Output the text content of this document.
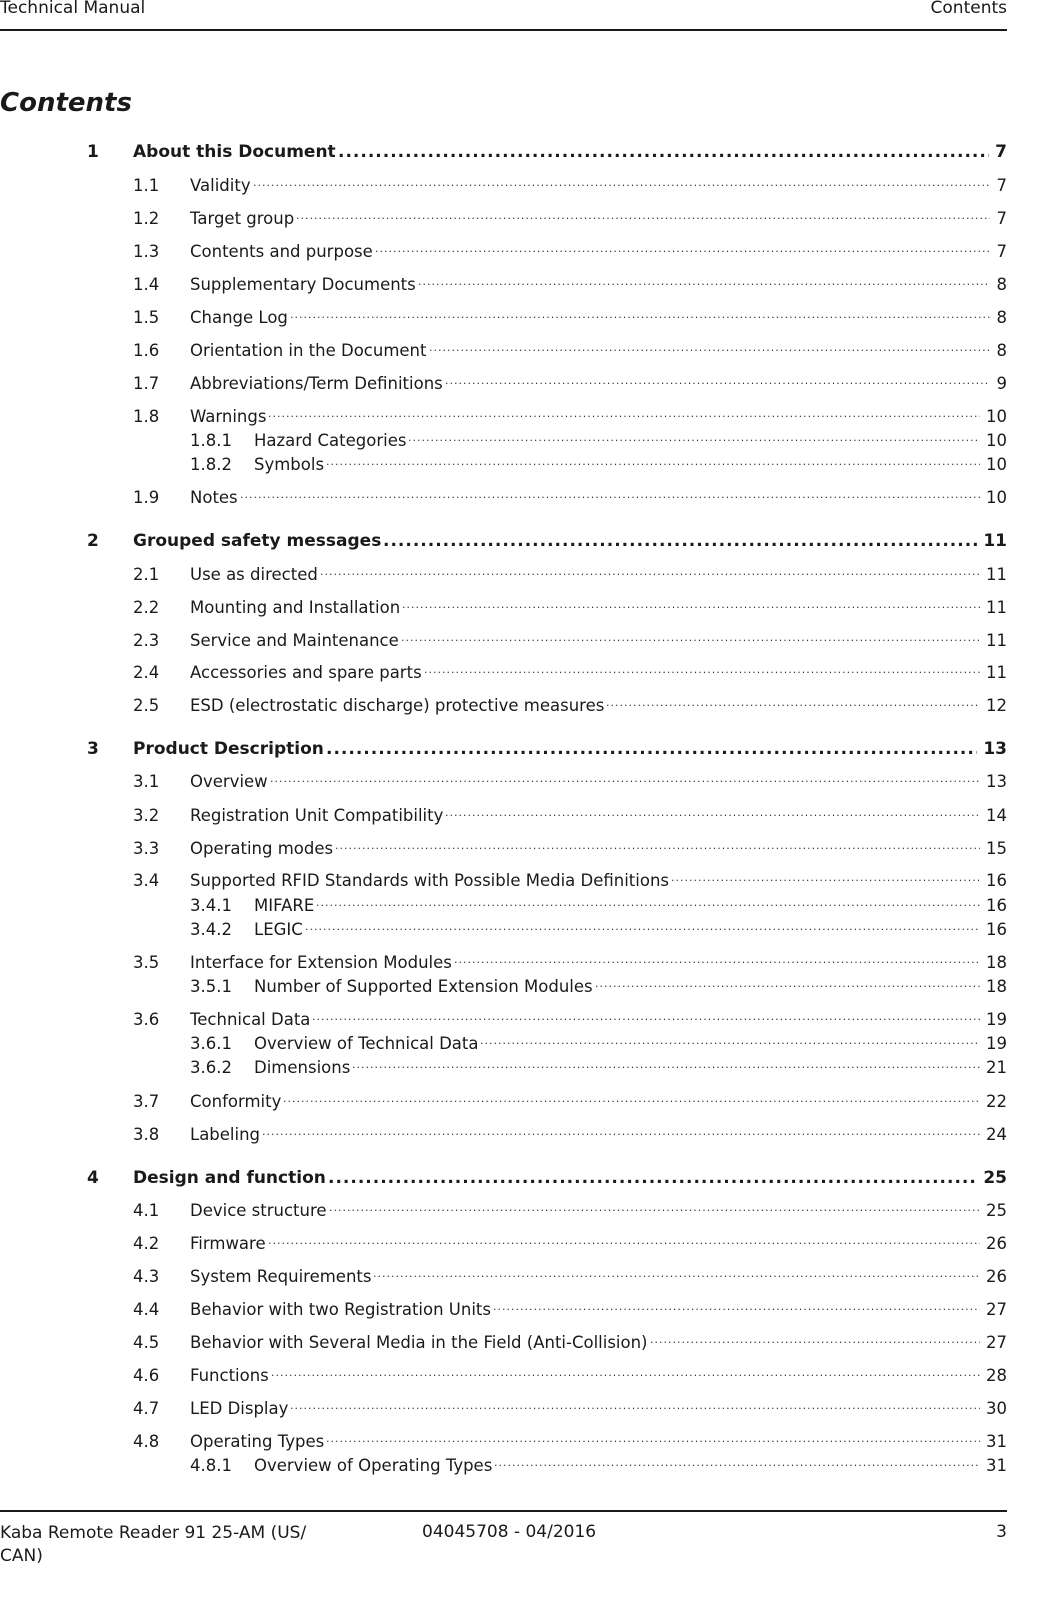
Technical Manual	Contents
Contents
1 About this Document .....	7
1.1 Validity .....	7
1.2 Target group .....	7
1.3 Contents and purpose .....	7
1.4 Supplementary Documents .....	8
1.5 Change Log .....	8
1.6 Orientation in the Document .....	8
1.7 Abbreviations/Term Definitions .....	9
1.8 Warnings .....	10
1.8.1 Hazard Categories .....	10
1.8.2 Symbols .....	10
1.9 Notes .....	10
2 Grouped safety messages .....	11
2.1 Use as directed .....	11
2.2 Mounting and Installation .....	11
2.3 Service and Maintenance .....	11
2.4 Accessories and spare parts .....	11
2.5 ESD (electrostatic discharge) protective measures .....	12
3 Product Description .....	13
3.1 Overview .....	13
3.2 Registration Unit Compatibility .....	14
3.3 Operating modes .....	15
3.4 Supported RFID Standards with Possible Media Definitions .....	16
3.4.1 MIFARE .....	16
3.4.2 LEGIC .....	16
3.5 Interface for Extension Modules .....	18
3.5.1 Number of Supported Extension Modules .....	18
3.6 Technical Data .....	19
3.6.1 Overview of Technical Data .....	19
3.6.2 Dimensions .....	21
3.7 Conformity .....	22
3.8 Labeling .....	24
4 Design and function .....	25
4.1 Device structure .....	25
4.2 Firmware .....	26
4.3 System Requirements .....	26
4.4 Behavior with two Registration Units .....	27
4.5 Behavior with Several Media in the Field (Anti-Collision) .....	27
4.6 Functions .....	28
4.7 LED Display .....	30
4.8 Operating Types .....	31
4.8.1 Overview of Operating Types .....	31
Kaba Remote Reader 91 25-AM (US/ CAN)
04045708 - 04/2016	3
